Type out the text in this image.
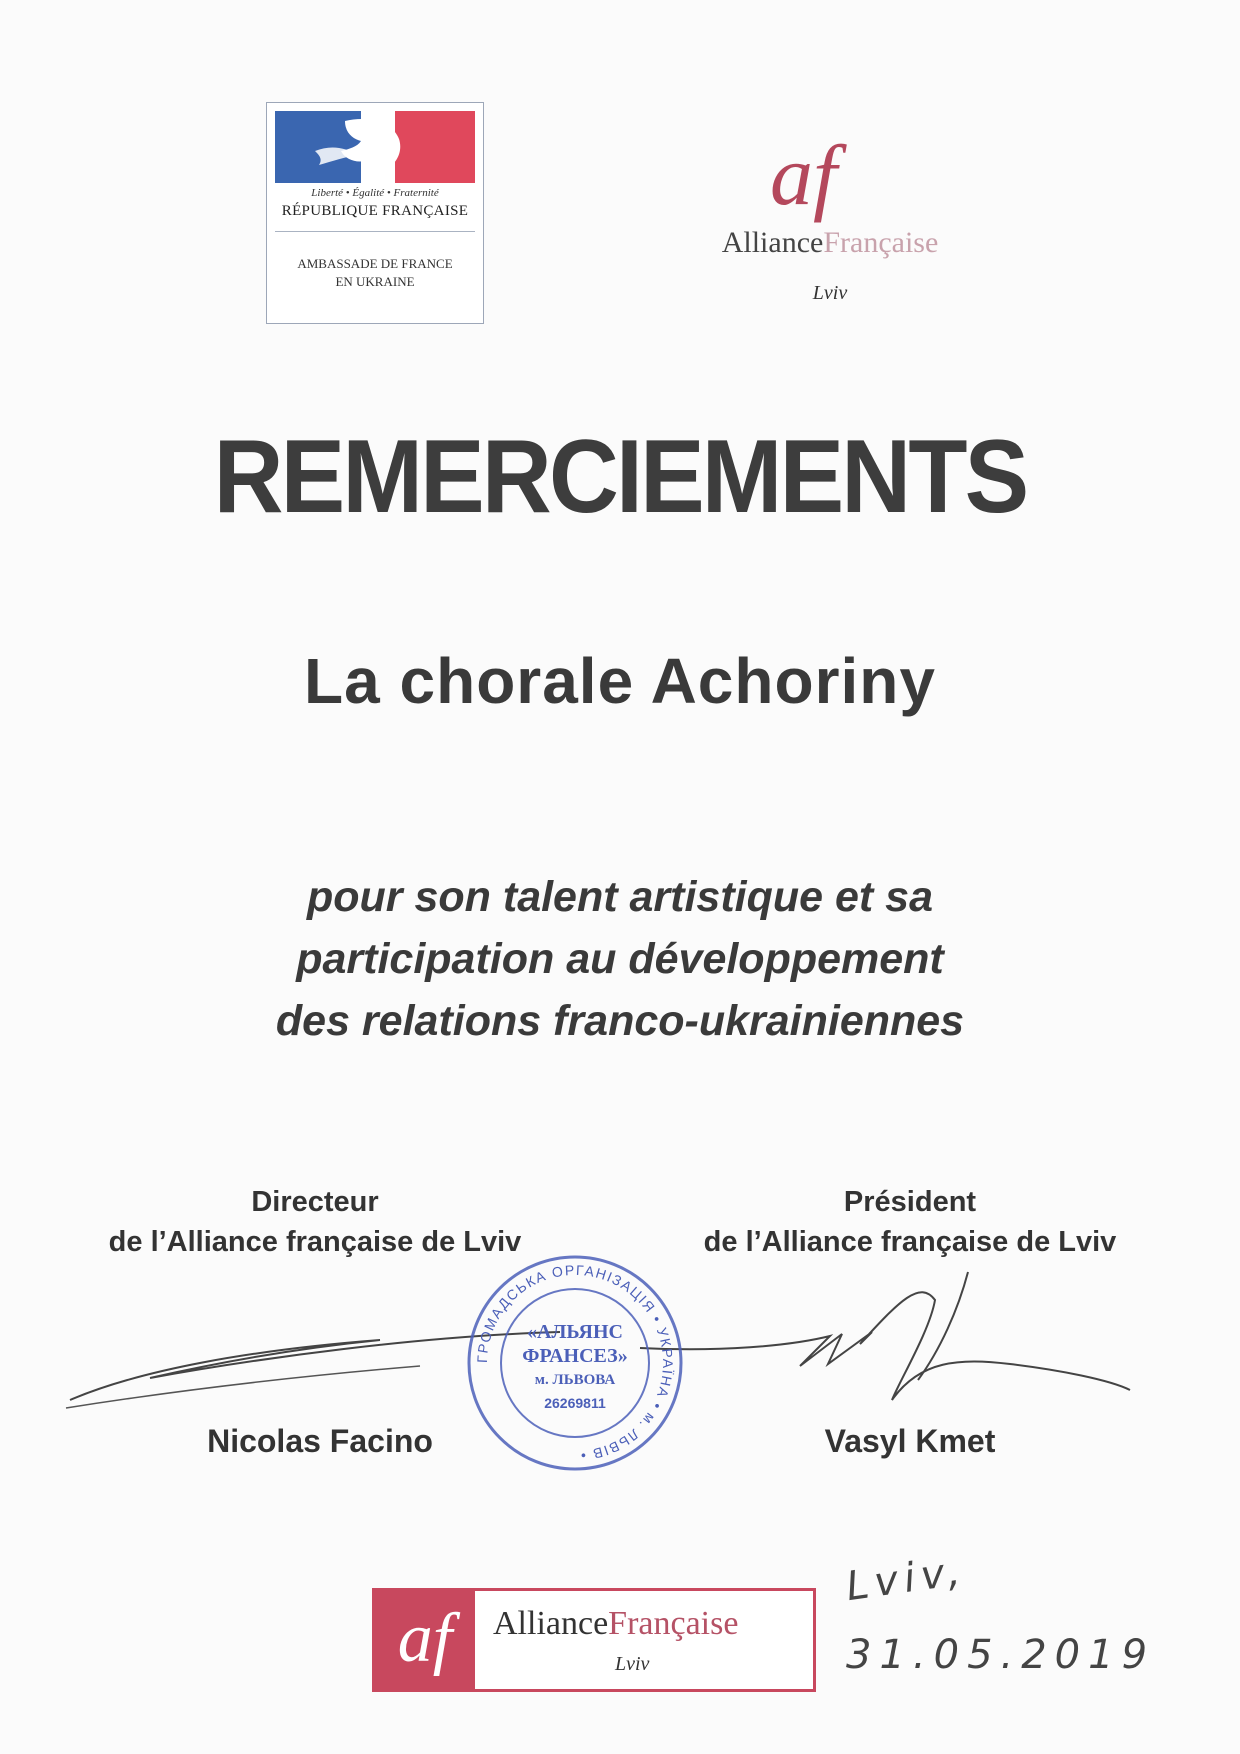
Liberté • Égalité • Fraternité
RÉPUBLIQUE FRANÇAISE
AMBASSADE DE FRANCE
EN UKRAINE
af
AllianceFrançaise
Lviv
REMERCIEMENTS
La chorale Achoriny
pour son talent artistique et sa
participation au développement
des relations franco-ukrainiennes
Directeur
de l’Alliance française de Lviv
Président
de l’Alliance française de Lviv
ГРОМАДСЬКА ОРГАНІЗАЦІЯ • УКРАЇНА • м. ЛЬВІВ •
«АЛЬЯНС
ФРАНСЕЗ»
м. ЛЬВОВА
26269811
Nicolas Facino	Vasyl Kmet
af	AllianceFrançaise
Lviv
Lviv,
31.05.2019
